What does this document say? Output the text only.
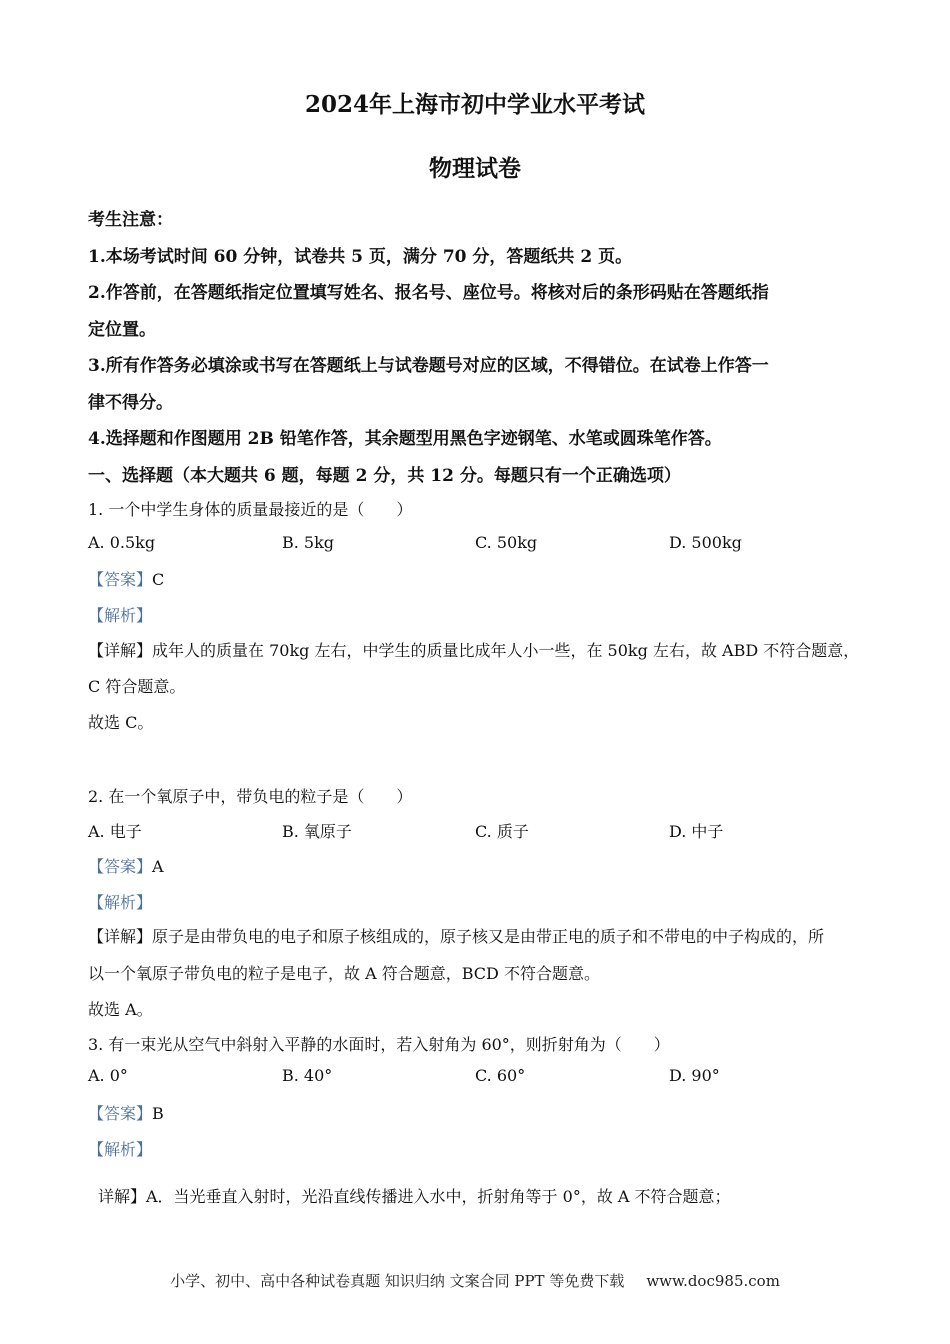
2024年上海市初中学业水平考试
物理试卷
考生注意：
1.本场考试时间 60 分钟，试卷共 5 页，满分 70 分，答题纸共 2 页。
2.作答前，在答题纸指定位置填写姓名、报名号、座位号。将核对后的条形码贴在答题纸指
定位置。
3.所有作答务必填涂或书写在答题纸上与试卷题号对应的区域，不得错位。在试卷上作答一
律不得分。
4.选择题和作图题用 2B 铅笔作答，其余题型用黑色字迹钢笔、水笔或圆珠笔作答。
一、选择题（本大题共 6 题，每题 2 分，共 12 分。每题只有一个正确选项）
1. 一个中学生身体的质量最接近的是（　　）
A. 0.5kg	B. 5kg	C. 50kg	D. 500kg
【答案】C
【解析】
【详解】成年人的质量在 70kg 左右，中学生的质量比成年人小一些，在 50kg 左右，故 ABD 不符合题意，
C 符合题意。
故选 C。
2. 在一个氧原子中，带负电的粒子是（　　）
A. 电子	B. 氧原子	C. 质子	D. 中子
【答案】A
【解析】
【详解】原子是由带负电的电子和原子核组成的，原子核又是由带正电的质子和不带电的中子构成的，所
以一个氧原子带负电的粒子是电子，故 A 符合题意，BCD 不符合题意。
故选 A。
3. 有一束光从空气中斜射入平静的水面时，若入射角为 60°，则折射角为（　　）
A. 0°	B. 40°	C. 60°	D. 90°
【答案】B
【解析】
详解】A．当光垂直入射时，光沿直线传播进入水中，折射角等于 0°，故 A 不符合题意；
小学、初中、高中各种试卷真题 知识归纳 文案合同 PPT 等免费下载 www.doc985.com
